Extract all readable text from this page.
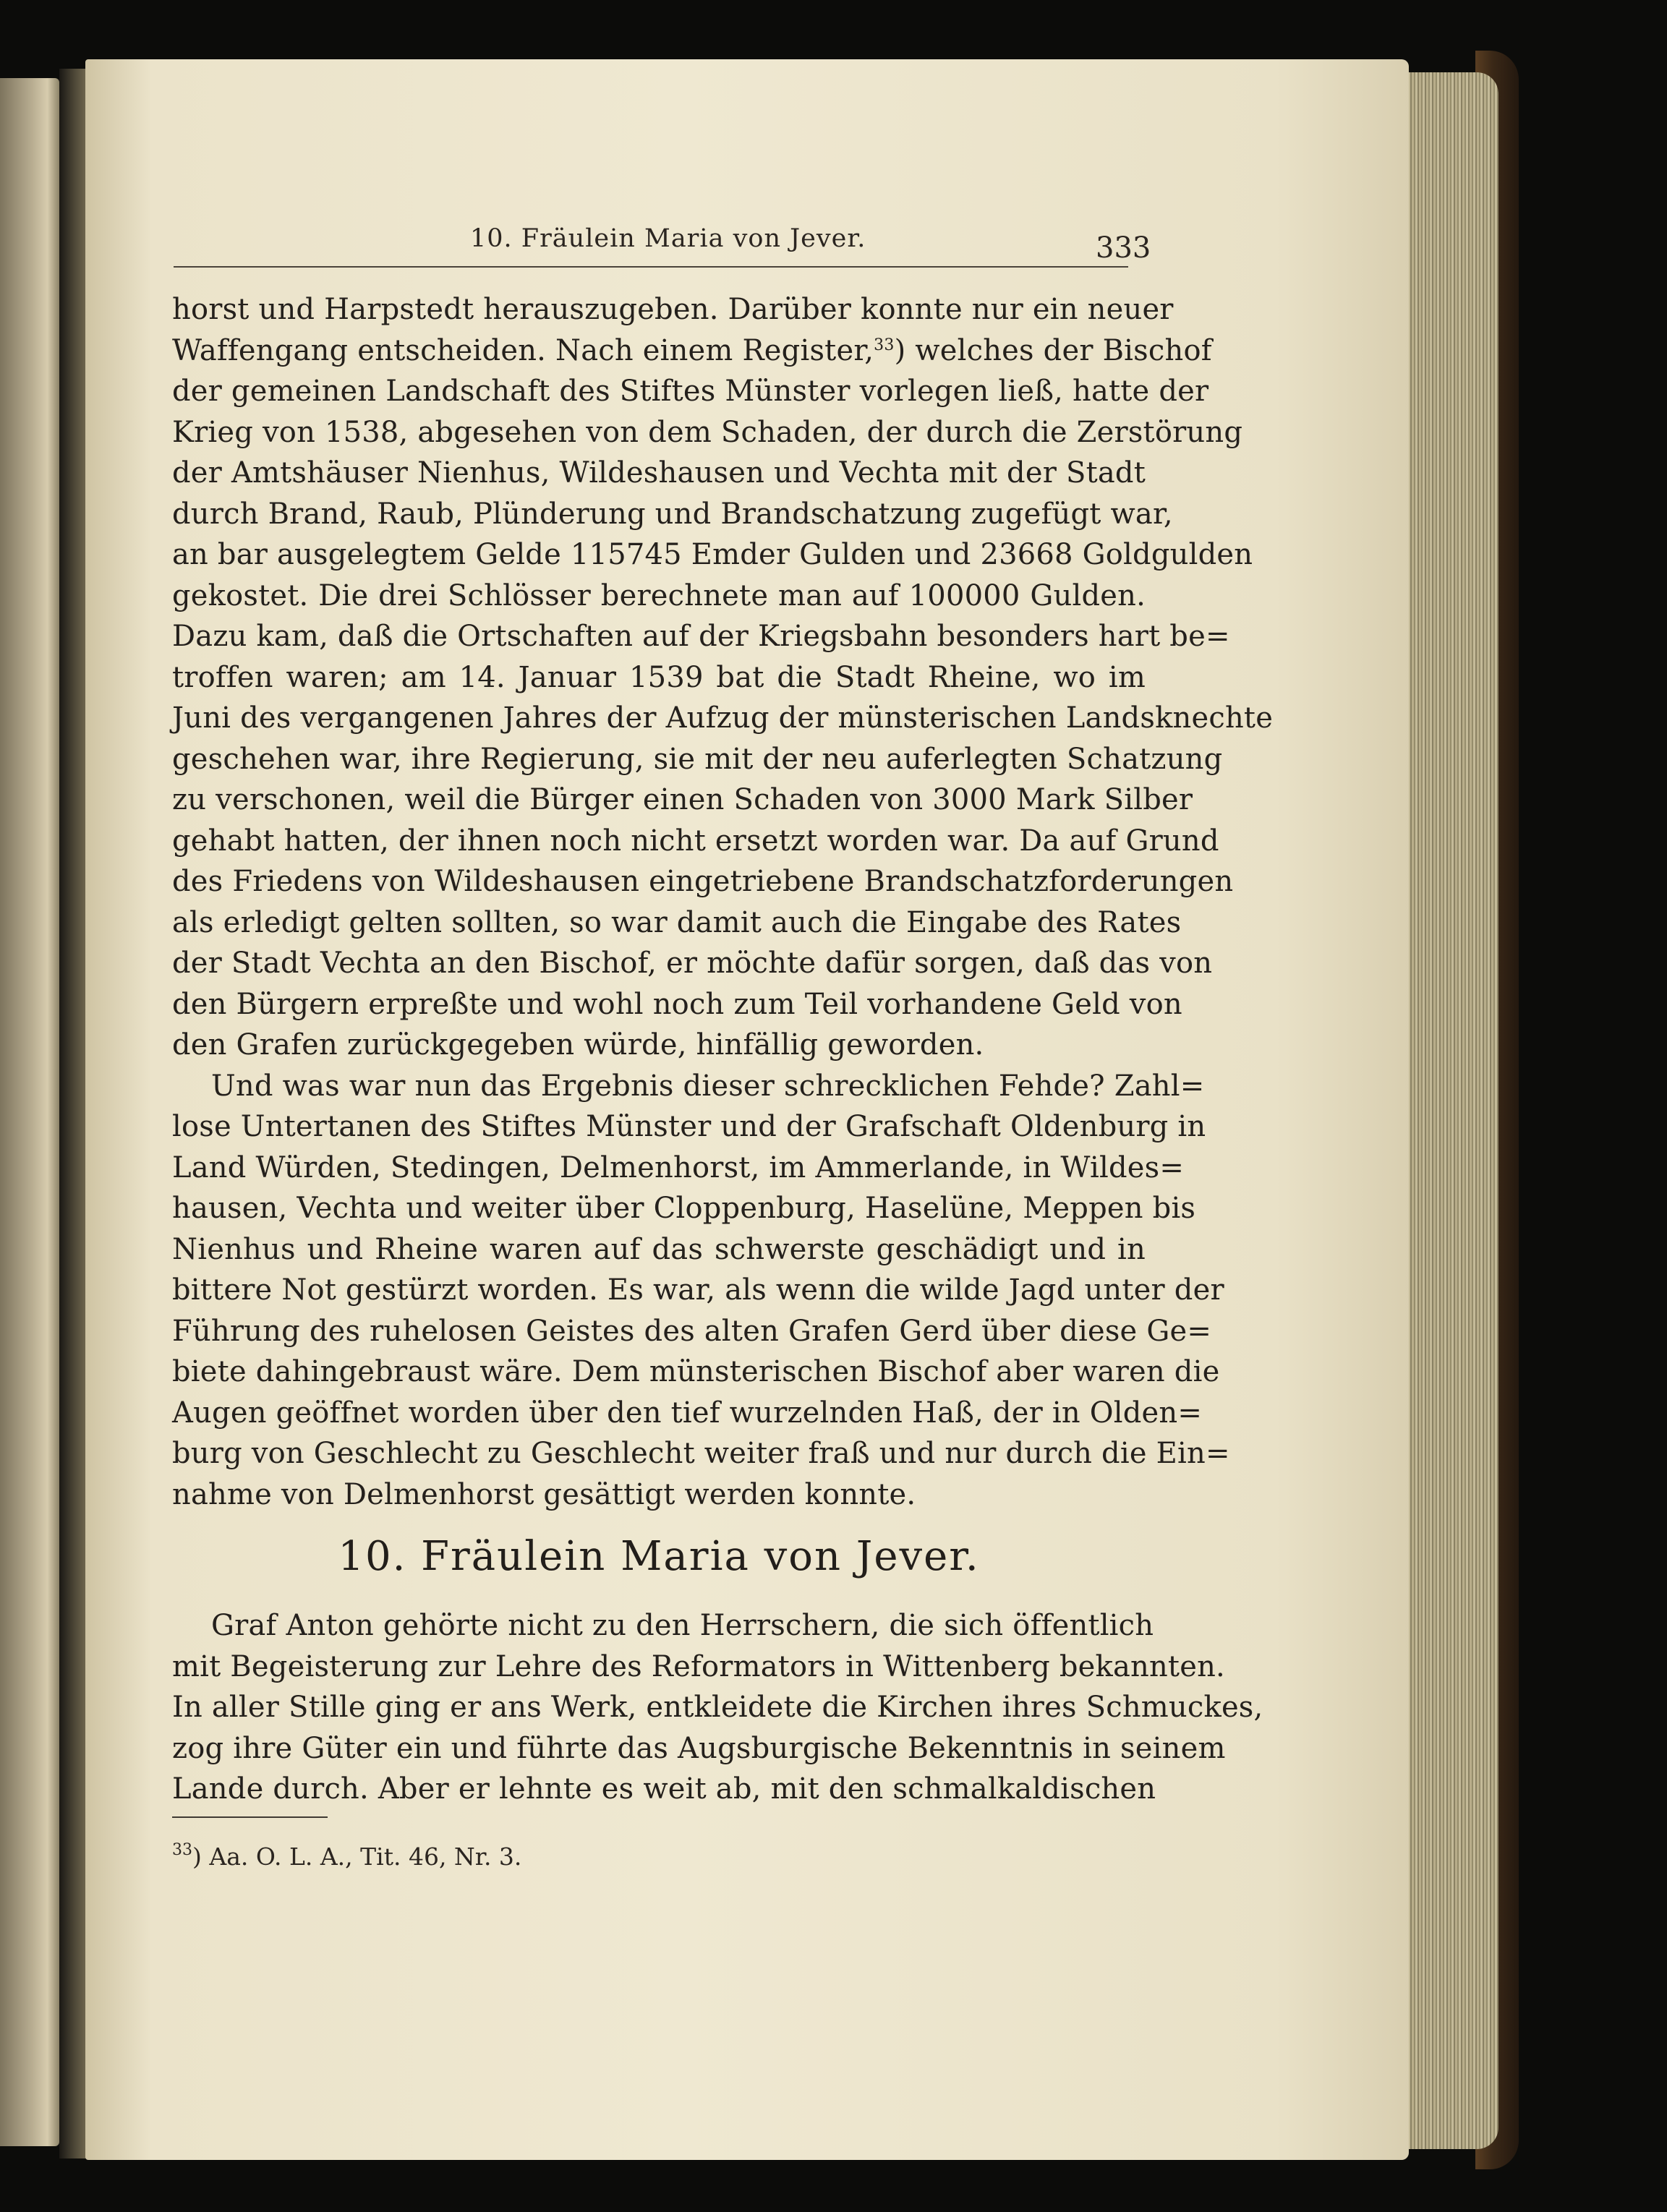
10. Fräulein Maria von Jever.	333
horst und Harpstedt herauszugeben. Darüber konnte nur ein neuer
Waffengang entscheiden. Nach einem Register,$^{33}$) welches der Bischof
der gemeinen Landschaft des Stiftes Münster vorlegen ließ, hatte der
Krieg von 1538, abgesehen von dem Schaden, der durch die Zerstörung
der Amtshäuser Nienhus, Wildeshausen und Vechta mit der Stadt
durch Brand, Raub, Plünderung und Brandschatzung zugefügt war,
an bar ausgelegtem Gelde 115745 Emder Gulden und 23668 Goldgulden
gekostet. Die drei Schlösser berechnete man auf 100000 Gulden.
Dazu kam, daß die Ortschaften auf der Kriegsbahn besonders hart be=
troffen waren; am 14. Januar 1539 bat die Stadt Rheine, wo im
Juni des vergangenen Jahres der Aufzug der münsterischen Landsknechte
geschehen war, ihre Regierung, sie mit der neu auferlegten Schatzung
zu verschonen, weil die Bürger einen Schaden von 3000 Mark Silber
gehabt hatten, der ihnen noch nicht ersetzt worden war. Da auf Grund
des Friedens von Wildeshausen eingetriebene Brandschatzforderungen
als erledigt gelten sollten, so war damit auch die Eingabe des Rates
der Stadt Vechta an den Bischof, er möchte dafür sorgen, daß das von
den Bürgern erpreßte und wohl noch zum Teil vorhandene Geld von
den Grafen zurückgegeben würde, hinfällig geworden.
Und was war nun das Ergebnis dieser schrecklichen Fehde? Zahl=
lose Untertanen des Stiftes Münster und der Grafschaft Oldenburg in
Land Würden, Stedingen, Delmenhorst, im Ammerlande, in Wildes=
hausen, Vechta und weiter über Cloppenburg, Haselüne, Meppen bis
Nienhus und Rheine waren auf das schwerste geschädigt und in
bittere Not gestürzt worden. Es war, als wenn die wilde Jagd unter der
Führung des ruhelosen Geistes des alten Grafen Gerd über diese Ge=
biete dahingebraust wäre. Dem münsterischen Bischof aber waren die
Augen geöffnet worden über den tief wurzelnden Haß, der in Olden=
burg von Geschlecht zu Geschlecht weiter fraß und nur durch die Ein=
nahme von Delmenhorst gesättigt werden konnte.
10. Fräulein Maria von Jever.
Graf Anton gehörte nicht zu den Herrschern, die sich öffentlich
mit Begeisterung zur Lehre des Reformators in Wittenberg bekannten.
In aller Stille ging er ans Werk, entkleidete die Kirchen ihres Schmuckes,
zog ihre Güter ein und führte das Augsburgische Bekenntnis in seinem
Lande durch. Aber er lehnte es weit ab, mit den schmalkaldischen
$^{33}$) Aa. O. L. A., Tit. 46, Nr. 3.
